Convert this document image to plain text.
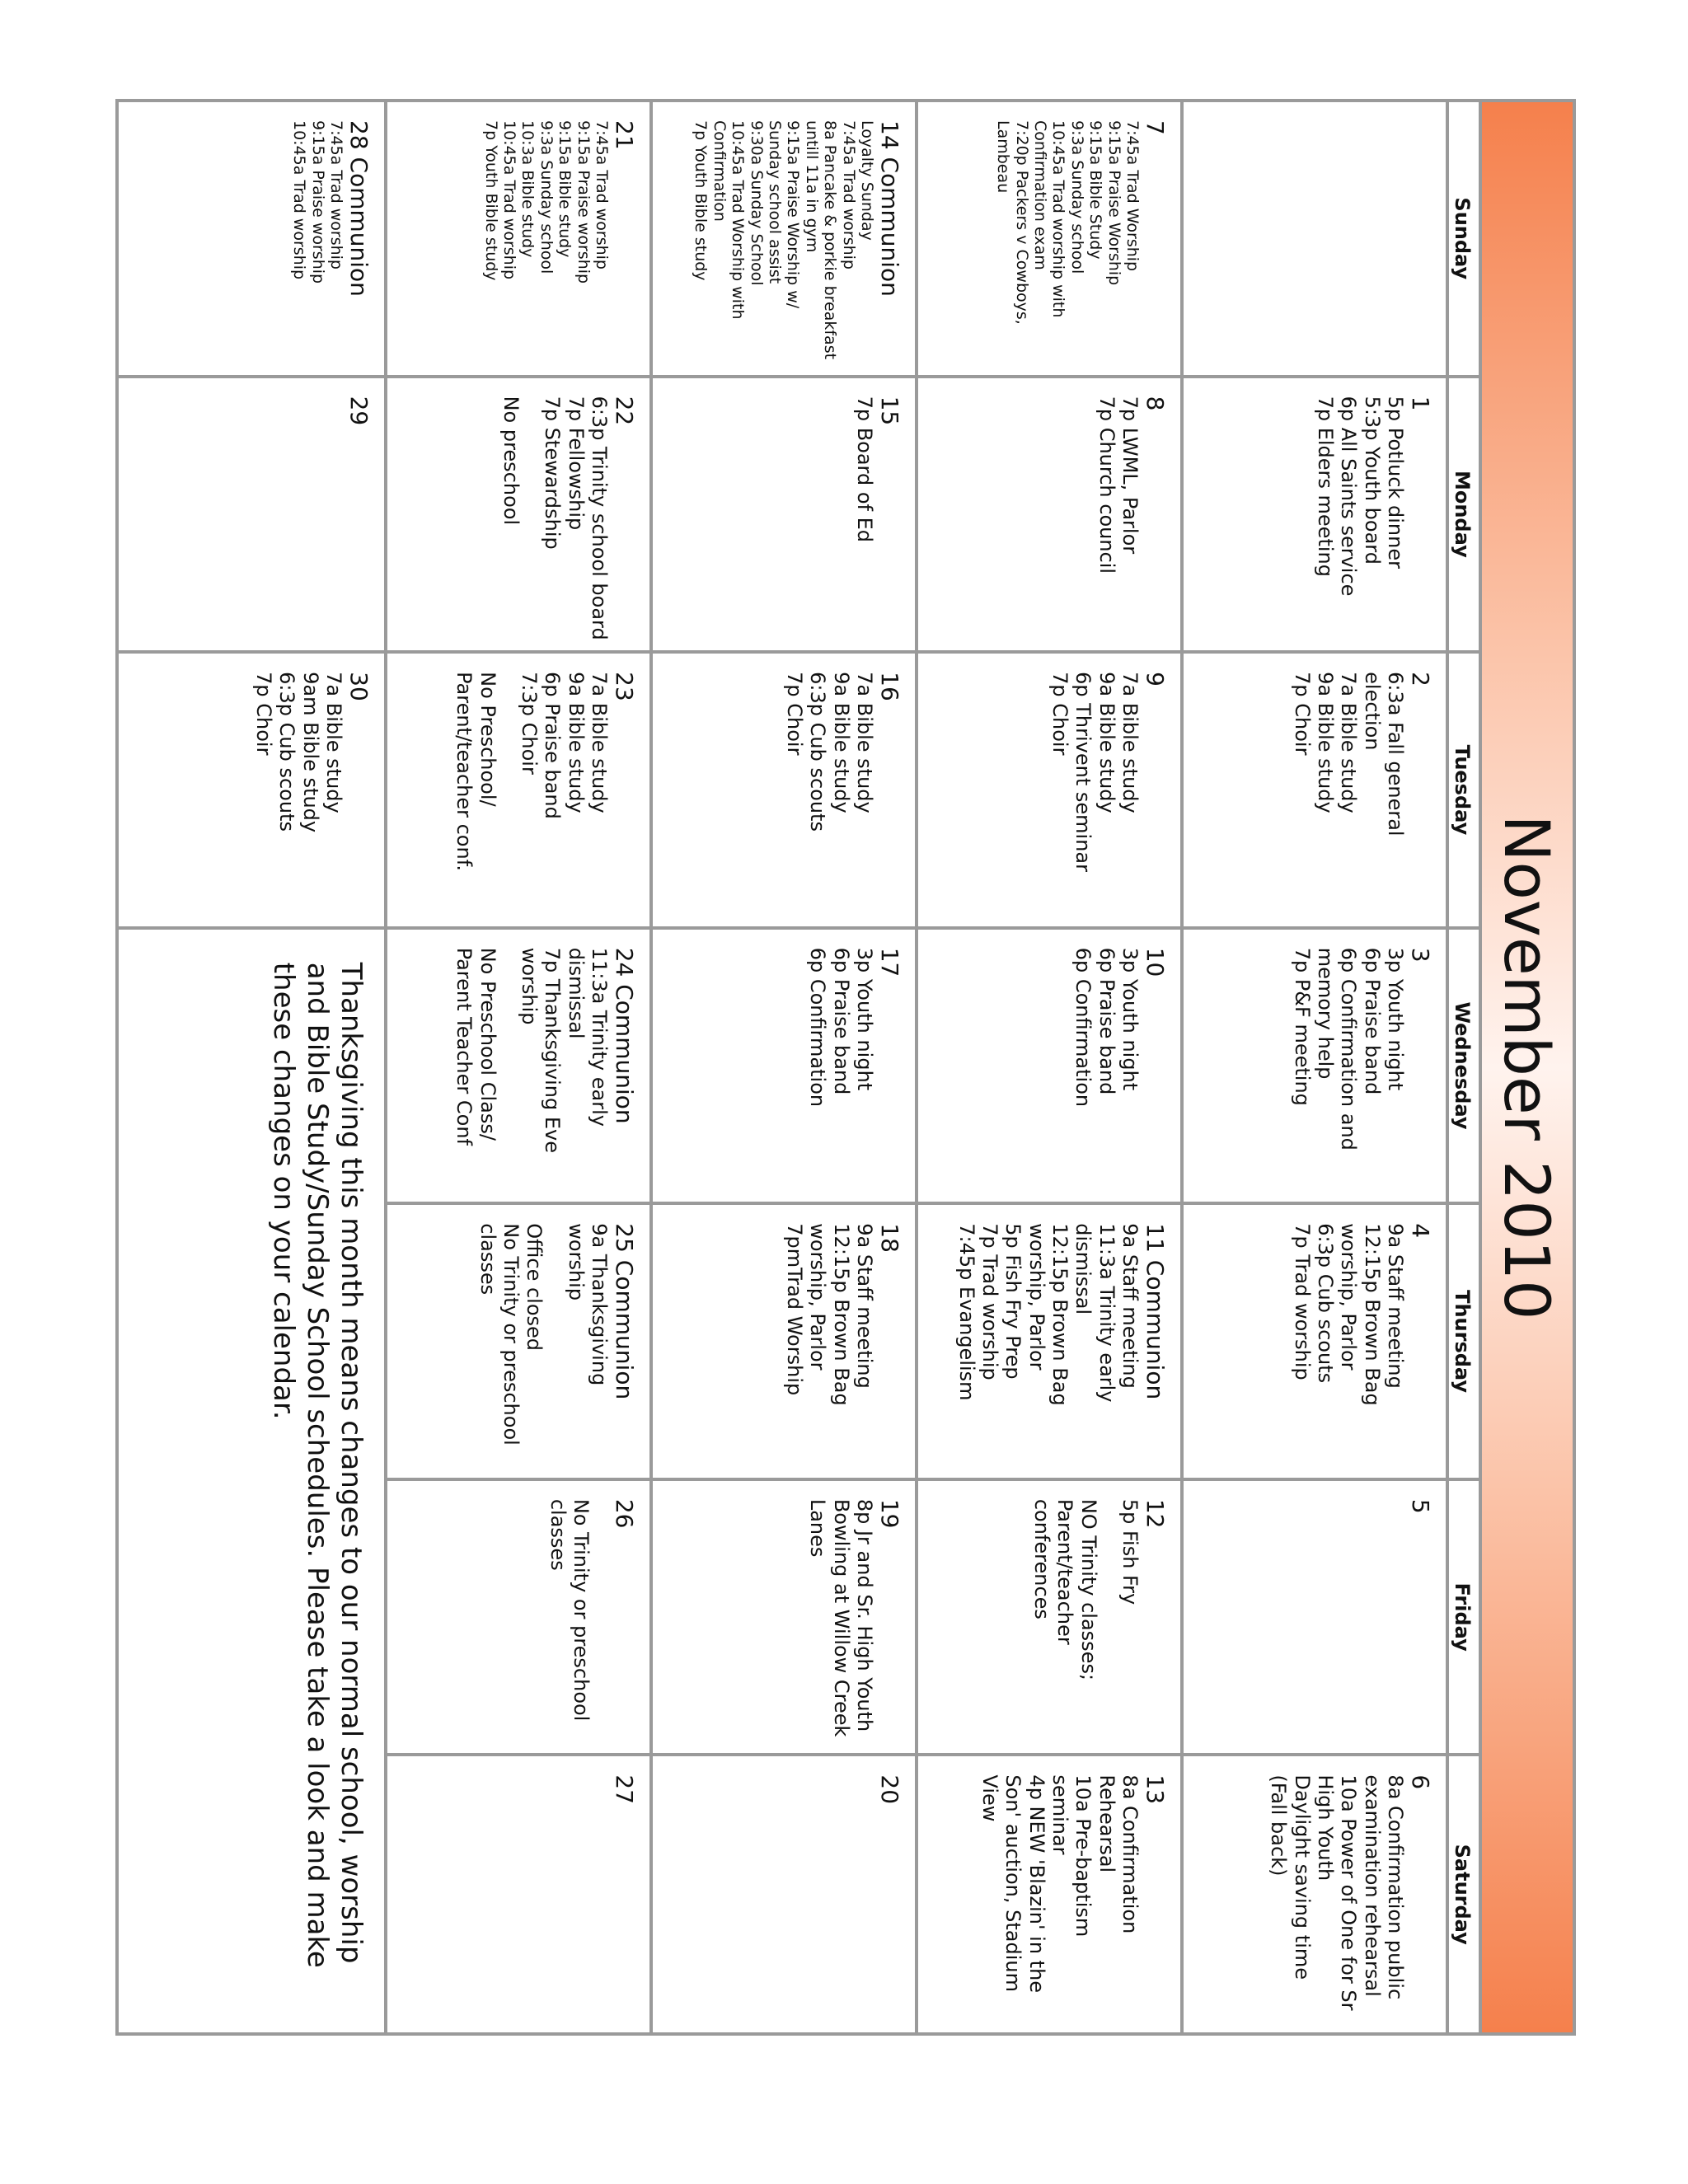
November 2010
Sunday
Monday
Tuesday
Wednesday
Thursday
Friday
Saturday
1
5p Potluck dinner
5:3p Youth board
6p All Saints service
7p Elders meeting
2
6:3a Fall general election
7a Bible study
9a Bible study
7p Choir
3
3p Youth night
6p Praise band
6p Confirmation and memory help
7p P&F meeting
4
9a Staff meeting
12:15p Brown Bag worship, Parlor
6:3p Cub scouts
7p Trad worship
5
6
8a Confirmation public examination rehearsal
10a Power of One for Sr High Youth
Daylight saving time (Fall back)
7
7:45a Trad Worship
9:15a Praise Worship
9:15a Bible Study
9:3a Sunday school
10:45a Trad worship with Confirmation exam
7:20p Packers v Cowboys, Lambeau
8
7p LWML, Parlor
7p Church council
9
7a Bible study
9a Bible study
6p Thrivent seminar
7p Choir
10
3p Youth night
6p Praise band
6p Confirmation
11 Communion
9a Staff meeting
11:3a Trinity early dismissal
12:15p Brown Bag worship, Parlor
5p Fish Fry Prep
7p Trad worship
7:45p Evangelism
12
5p Fish Fry
NO Trinity classes; Parent/teacher conferences
13
8a Confirmation Rehearsal
10a Pre-baptism seminar
4p NEW 'Blazin' in the Son' auction, Stadium View
14 Communion
Loyalty Sunday
7:45a Trad worship
8a Pancake & porkie breakfast untill 11a in gym
9:15a Praise Worship w/ Sunday school assist
9:30a Sunday School
10:45a Trad Worship with Confirmation
7p Youth Bible study
15
7p Board of Ed
16
7a Bible study
9a Bible study
6:3p Cub scouts
7p Choir
17
3p Youth night
6p Praise band
6p Confirmation
18
9a Staff meeting
12:15p Brown Bag worship, Parlor
7pmTrad Worship
19
8p Jr and Sr. High Youth Bowling at Willow Creek Lanes
20
21
7:45a Trad worship
9:15a Praise worship
9:15a Bible study
9:3a Sunday school
10:3a Bible study
10:45a Trad worship
7p Youth Bible study
22
6:3p Trinity school board
7p Fellowship
7p Stewardship
No preschool
23
7a Bible study
9a Bible study
6p Praise band
7:3p Choir
No Preschool/ Parent/teacher conf.
24 Communion
11:3a Trinity early dismissal
7p Thanksgiving Eve worship
No Preschool Class/ Parent Teacher Conf
25 Communion
9a Thanksgiving worship
Office closed
No Trinity or preschool classes
26
No Trinity or preschool classes
27
28 Communion
7:45a Trad worship
9:15a Praise worship
10:45a Trad worship
29
30
7a Bible study
9am Bible study
6:3p Cub scouts
7p Choir
Thanksgiving this month means changes to our normal school, worship and Bible Study/Sunday School schedules. Please take a look and make these changes on your calendar.
